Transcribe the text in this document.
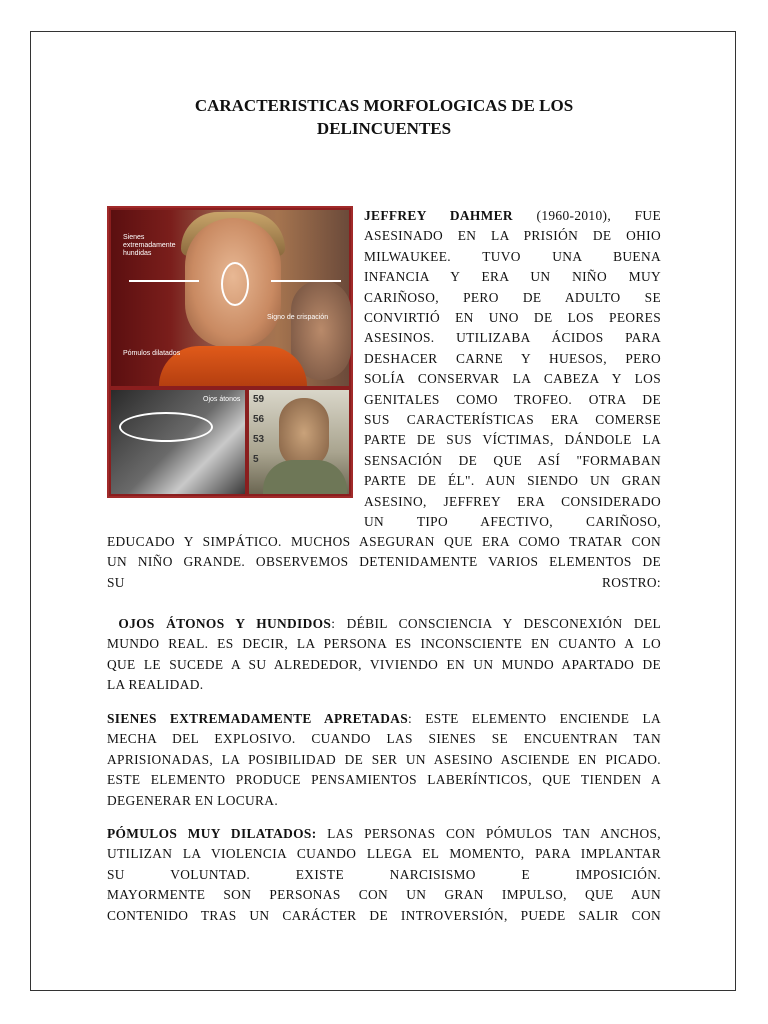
CARACTERISTICAS MORFOLOGICAS DE LOS
DELINCUENTES
Sienes
extremadamente
hundidas
Signo de crispación
Pómulos dilatados
Ojos átonos 59
56
53
5
JEFFREY DAHMER (1960-2010), FUE
ASESINADO EN LA PRISIÓN DE OHIO
MILWAUKEE. TUVO UNA BUENA
INFANCIA Y ERA UN NIÑO MUY
CARIÑOSO, PERO DE ADULTO SE
CONVIRTIÓ EN UNO DE LOS PEORES
ASESINOS. UTILIZABA ÁCIDOS PARA
DESHACER CARNE Y HUESOS, PERO
SOLÍA CONSERVAR LA CABEZA Y LOS
GENITALES COMO TROFEO. OTRA DE
SUS CARACTERÍSTICAS ERA COMERSE
PARTE DE SUS VÍCTIMAS, DÁNDOLE LA
SENSACIÓN DE QUE ASÍ "FORMABAN
PARTE DE ÉL". AUN SIENDO UN GRAN
ASESINO, JEFFREY ERA CONSIDERADO
UN TIPO AFECTIVO, CARIÑOSO,
EDUCADO Y SIMPÁTICO. MUCHOS ASEGURAN QUE ERA COMO TRATAR CON
UN NIÑO GRANDE. OBSERVEMOS DETENIDAMENTE VARIOS ELEMENTOS DE
SU ROSTRO:
OJOS ÁTONOS Y HUNDIDOS: DÉBIL CONSCIENCIA Y DESCONEXIÓN DEL
MUNDO REAL. ES DECIR, LA PERSONA ES INCONSCIENTE EN CUANTO A LO
QUE LE SUCEDE A SU ALREDEDOR, VIVIENDO EN UN MUNDO APARTADO DE
LA REALIDAD.
SIENES EXTREMADAMENTE APRETADAS: ESTE ELEMENTO ENCIENDE LA
MECHA DEL EXPLOSIVO. CUANDO LAS SIENES SE ENCUENTRAN TAN
APRISIONADAS, LA POSIBILIDAD DE SER UN ASESINO ASCIENDE EN PICADO.
ESTE ELEMENTO PRODUCE PENSAMIENTOS LABERÍNTICOS, QUE TIENDEN A
DEGENERAR EN LOCURA.
PÓMULOS MUY DILATADOS: LAS PERSONAS CON PÓMULOS TAN ANCHOS,
UTILIZAN LA VIOLENCIA CUANDO LLEGA EL MOMENTO, PARA IMPLANTAR
SU VOLUNTAD. EXISTE NARCISISMO E IMPOSICIÓN.
MAYORMENTE SON PERSONAS CON UN GRAN IMPULSO, QUE AUN
CONTENIDO TRAS UN CARÁCTER DE INTROVERSIÓN, PUEDE SALIR CON
